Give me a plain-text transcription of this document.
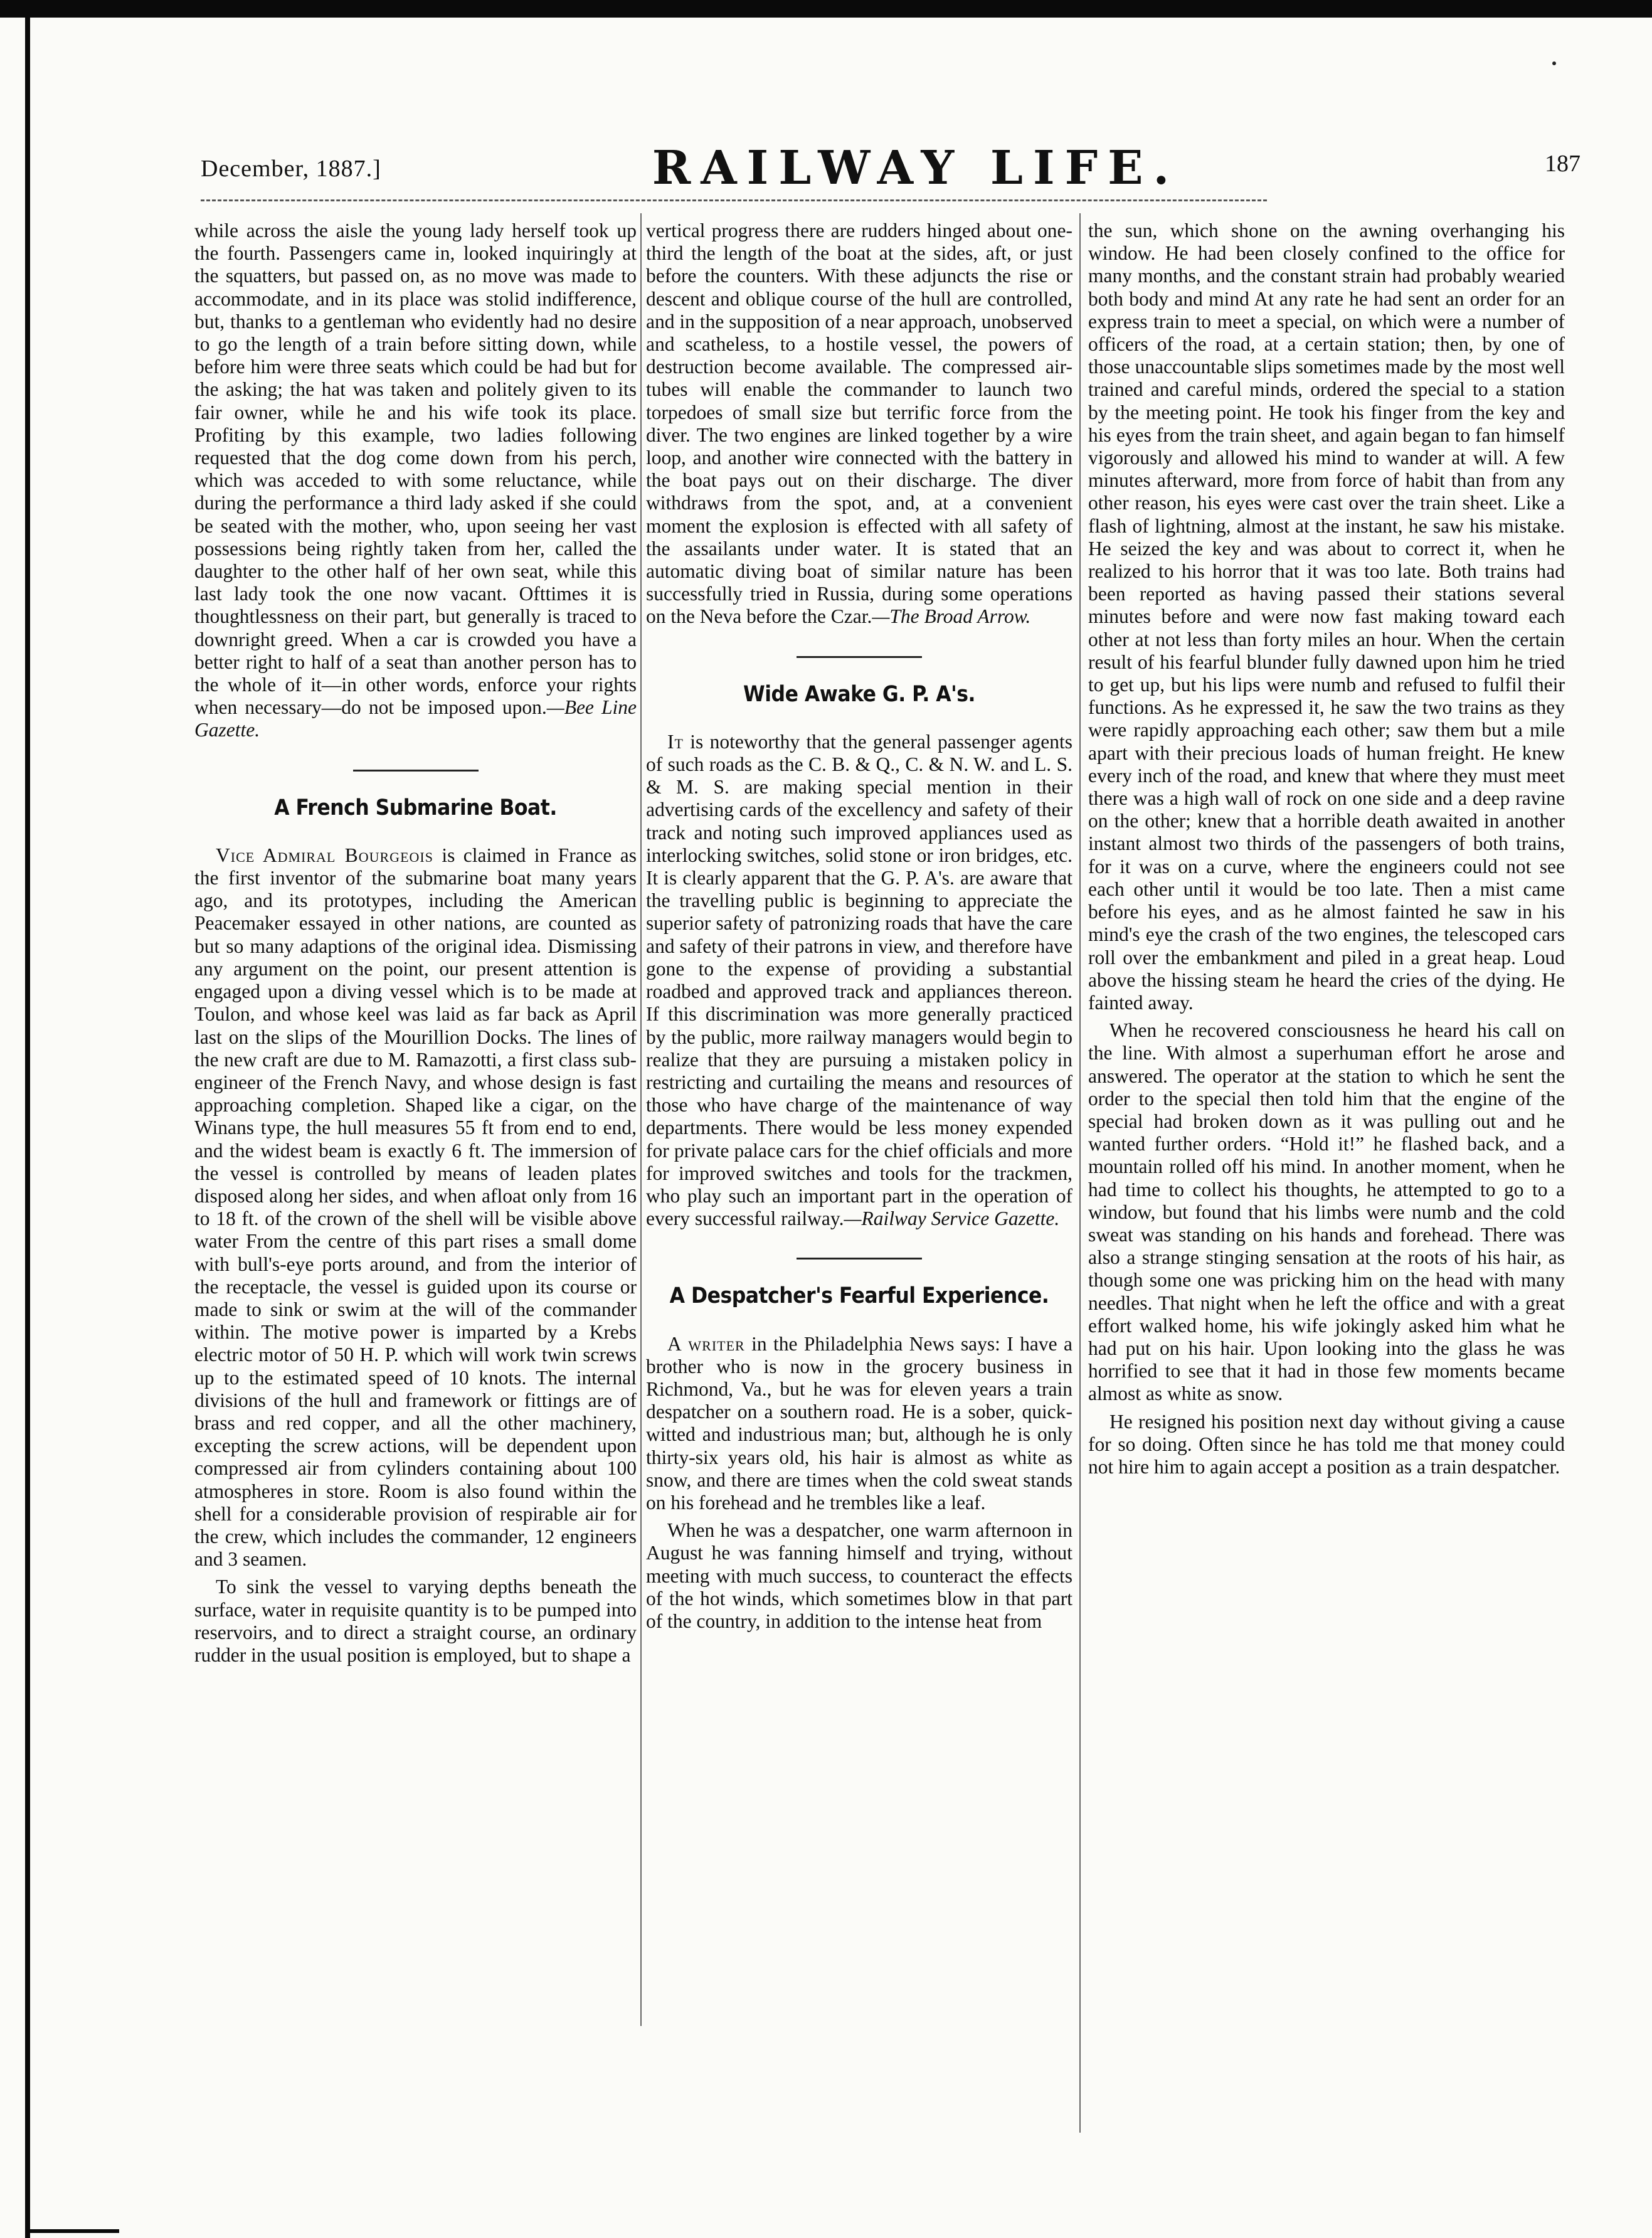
December, 1887.]	RAILWAY LIFE.	187

while across the aisle the young lady herself took up the fourth. Passengers came in, looked inquiringly at the squatters, but passed on, as no move was made to accommodate, and in its place was stolid indifference, but, thanks to a gentleman who evidently had no desire to go the length of a train before sitting down, while before him were three seats which could be had but for the asking; the hat was taken and politely given to its fair owner, while he and his wife took its place. Profiting by this example, two ladies following requested that the dog come down from his perch, which was acceded to with some reluctance, while during the performance a third lady asked if she could be seated with the mother, who, upon seeing her vast possessions being rightly taken from her, called the daughter to the other half of her own seat, while this last lady took the one now vacant. Ofttimes it is thoughtlessness on their part, but generally is traced to downright greed. When a car is crowded you have a better right to half of a seat than another person has to the whole of it—in other words, enforce your rights when necessary—do not be imposed upon.—Bee Line Gazette.

A French Submarine Boat.

Vice Admiral Bourgeois is claimed in France as the first inventor of the submarine boat many years ago, and its prototypes, including the American Peacemaker essayed in other nations, are counted as but so many adaptions of the original idea. Dismissing any argument on the point, our present attention is engaged upon a diving vessel which is to be made at Toulon, and whose keel was laid as far back as April last on the slips of the Mourillion Docks. The lines of the new craft are due to M. Ramazotti, a first class sub-engineer of the French Navy, and whose design is fast approaching completion. Shaped like a cigar, on the Winans type, the hull measures 55 ft from end to end, and the widest beam is exactly 6 ft. The immersion of the vessel is controlled by means of leaden plates disposed along her sides, and when afloat only from 16 to 18 ft. of the crown of the shell will be visible above water From the centre of this part rises a small dome with bull's-eye ports around, and from the interior of the receptacle, the vessel is guided upon its course or made to sink or swim at the will of the commander within. The motive power is imparted by a Krebs electric motor of 50 H. P. which will work twin screws up to the estimated speed of 10 knots. The internal divisions of the hull and framework or fittings are of brass and red copper, and all the other machinery, excepting the screw actions, will be dependent upon compressed air from cylinders containing about 100 atmospheres in store. Room is also found within the shell for a considerable provision of respirable air for the crew, which includes the commander, 12 engineers and 3 seamen.

To sink the vessel to varying depths beneath the surface, water in requisite quantity is to be pumped into reservoirs, and to direct a straight course, an ordinary rudder in the usual position is employed, but to shape a

vertical progress there are rudders hinged about one-third the length of the boat at the sides, aft, or just before the counters. With these adjuncts the rise or descent and oblique course of the hull are controlled, and in the supposition of a near approach, unobserved and scatheless, to a hostile vessel, the powers of destruction become available. The compressed air-tubes will enable the commander to launch two torpedoes of small size but terrific force from the diver. The two engines are linked together by a wire loop, and another wire connected with the battery in the boat pays out on their discharge. The diver withdraws from the spot, and, at a convenient moment the explosion is effected with all safety of the assailants under water. It is stated that an automatic diving boat of similar nature has been successfully tried in Russia, during some operations on the Neva before the Czar.—The Broad Arrow.

Wide Awake G. P. A's.

It is noteworthy that the general passenger agents of such roads as the C. B. & Q., C. & N. W. and L. S. & M. S. are making special mention in their advertising cards of the excellency and safety of their track and noting such improved appliances used as interlocking switches, solid stone or iron bridges, etc. It is clearly apparent that the G. P. A's. are aware that the travelling public is beginning to appreciate the superior safety of patronizing roads that have the care and safety of their patrons in view, and therefore have gone to the expense of providing a substantial roadbed and approved track and appliances thereon. If this discrimination was more generally practiced by the public, more railway managers would begin to realize that they are pursuing a mistaken policy in restricting and curtailing the means and resources of those who have charge of the maintenance of way departments. There would be less money expended for private palace cars for the chief officials and more for improved switches and tools for the trackmen, who play such an important part in the operation of every successful railway.—Railway Service Gazette.

A Despatcher's Fearful Experience.

A writer in the Philadelphia News says: I have a brother who is now in the grocery business in Richmond, Va., but he was for eleven years a train despatcher on a southern road. He is a sober, quick-witted and industrious man; but, although he is only thirty-six years old, his hair is almost as white as snow, and there are times when the cold sweat stands on his forehead and he trembles like a leaf.

When he was a despatcher, one warm afternoon in August he was fanning himself and trying, without meeting with much success, to counteract the effects of the hot winds, which sometimes blow in that part of the country, in addition to the intense heat from

the sun, which shone on the awning overhanging his window. He had been closely confined to the office for many months, and the constant strain had probably wearied both body and mind At any rate he had sent an order for an express train to meet a special, on which were a number of officers of the road, at a certain station; then, by one of those unaccountable slips sometimes made by the most well trained and careful minds, ordered the special to a station by the meeting point. He took his finger from the key and his eyes from the train sheet, and again began to fan himself vigorously and allowed his mind to wander at will. A few minutes afterward, more from force of habit than from any other reason, his eyes were cast over the train sheet. Like a flash of lightning, almost at the instant, he saw his mistake. He seized the key and was about to correct it, when he realized to his horror that it was too late. Both trains had been reported as having passed their stations several minutes before and were now fast making toward each other at not less than forty miles an hour. When the certain result of his fearful blunder fully dawned upon him he tried to get up, but his lips were numb and refused to fulfil their functions. As he expressed it, he saw the two trains as they were rapidly approaching each other; saw them but a mile apart with their precious loads of human freight. He knew every inch of the road, and knew that where they must meet there was a high wall of rock on one side and a deep ravine on the other; knew that a horrible death awaited in another instant almost two thirds of the passengers of both trains, for it was on a curve, where the engineers could not see each other until it would be too late. Then a mist came before his eyes, and as he almost fainted he saw in his mind's eye the crash of the two engines, the telescoped cars roll over the embankment and piled in a great heap. Loud above the hissing steam he heard the cries of the dying. He fainted away.

When he recovered consciousness he heard his call on the line. With almost a superhuman effort he arose and answered. The operator at the station to which he sent the order to the special then told him that the engine of the special had broken down as it was pulling out and he wanted further orders. “Hold it!” he flashed back, and a mountain rolled off his mind. In another moment, when he had time to collect his thoughts, he attempted to go to a window, but found that his limbs were numb and the cold sweat was standing on his hands and forehead. There was also a strange stinging sensation at the roots of his hair, as though some one was pricking him on the head with many needles. That night when he left the office and with a great effort walked home, his wife jokingly asked him what he had put on his hair. Upon looking into the glass he was horrified to see that it had in those few moments became almost as white as snow.

He resigned his position next day without giving a cause for so doing. Often since he has told me that money could not hire him to again accept a position as a train despatcher.
